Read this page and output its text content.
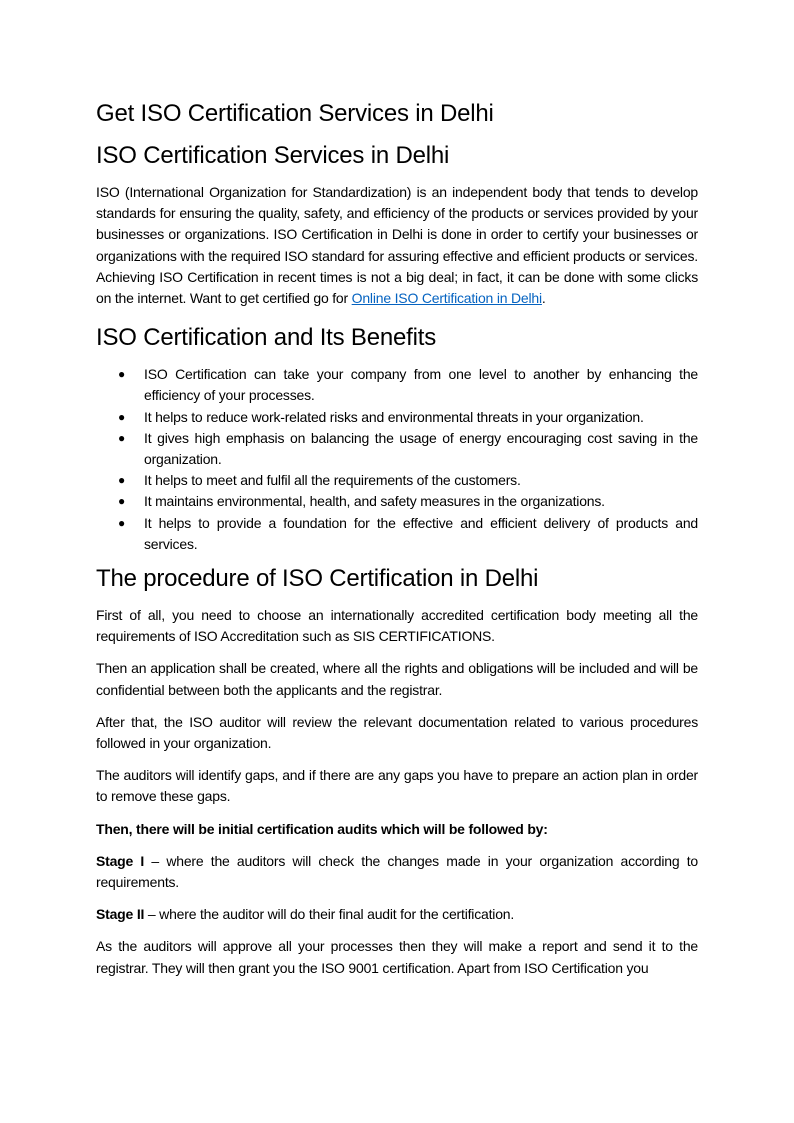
Get ISO Certification Services in Delhi
ISO Certification Services in Delhi

ISO (International Organization for Standardization) is an independent body that tends to develop standards for ensuring the quality, safety, and efficiency of the products or services provided by your businesses or organizations. ISO Certification in Delhi is done in order to certify your businesses or organizations with the required ISO standard for assuring effective and efficient products or services. Achieving ISO Certification in recent times is not a big deal; in fact, it can be done with some clicks on the internet. Want to get certified go for Online ISO Certification in Delhi.

ISO Certification and Its Benefits
● ISO Certification can take your company from one level to another by enhancing the efficiency of your processes.
● It helps to reduce work-related risks and environmental threats in your organization.
● It gives high emphasis on balancing the usage of energy encouraging cost saving in the organization.
● It helps to meet and fulfil all the requirements of the customers.
● It maintains environmental, health, and safety measures in the organizations.
● It helps to provide a foundation for the effective and efficient delivery of products and services.
The procedure of ISO Certification in Delhi

First of all, you need to choose an internationally accredited certification body meeting all the requirements of ISO Accreditation such as SIS CERTIFICATIONS.

Then an application shall be created, where all the rights and obligations will be included and will be confidential between both the applicants and the registrar.

After that, the ISO auditor will review the relevant documentation related to various procedures followed in your organization.

The auditors will identify gaps, and if there are any gaps you have to prepare an action plan in order to remove these gaps.

Then, there will be initial certification audits which will be followed by:

Stage I – where the auditors will check the changes made in your organization according to requirements.

Stage II – where the auditor will do their final audit for the certification.

As the auditors will approve all your processes then they will make a report and send it to the registrar. They will then grant you the ISO 9001 certification. Apart from ISO Certification you
